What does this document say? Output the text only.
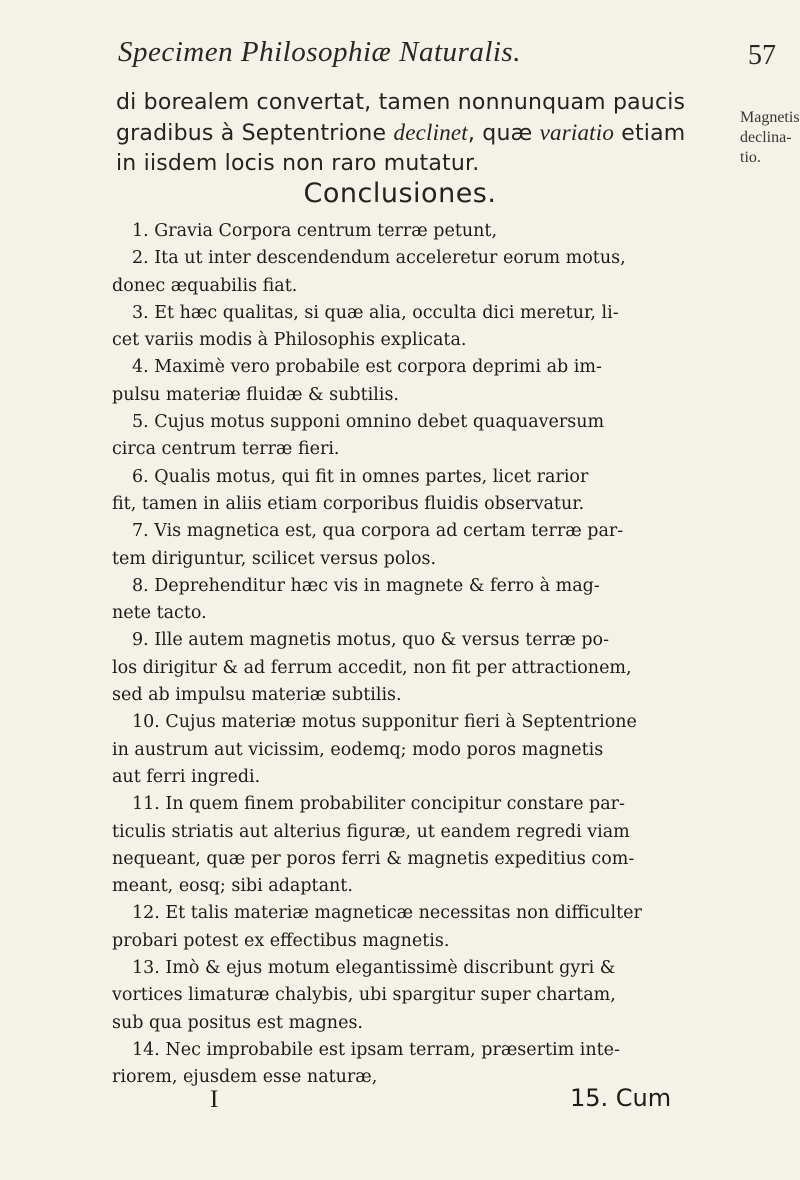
Specimen Philosophiæ Naturalis.	57
Magnetis
declina-
tio.
di borealem convertat, tamen nonnunquam paucis
gradibus à Septentrione declinet, quæ variatio etiam
in iisdem locis non raro mutatur.
Conclusiones.
1. Gravia Corpora centrum terræ petunt,
2. Ita ut inter descendendum acceleretur eorum motus,
donec æquabilis fiat.
3. Et hæc qualitas, si quæ alia, occulta dici meretur, li-
cet variis modis à Philosophis explicata.
4. Maximè vero probabile est corpora deprimi ab im-
pulsu materiæ fluidæ & subtilis.
5. Cujus motus supponi omnino debet quaquaversum
circa centrum terræ fieri.
6. Qualis motus, qui fit in omnes partes, licet rarior
fit, tamen in aliis etiam corporibus fluidis observatur.
7. Vis magnetica est, qua corpora ad certam terræ par-
tem diriguntur, scilicet versus polos.
8. Deprehenditur hæc vis in magnete & ferro à mag-
nete tacto.
9. Ille autem magnetis motus, quo & versus terræ po-
los dirigitur & ad ferrum accedit, non fit per attractionem,
sed ab impulsu materiæ subtilis.
10. Cujus materiæ motus supponitur fieri à Septentrione
in austrum aut vicissim, eodemq; modo poros magnetis
aut ferri ingredi.
11. In quem finem probabiliter concipitur constare par-
ticulis striatis aut alterius figuræ, ut eandem regredi viam
nequeant, quæ per poros ferri & magnetis expeditius com-
meant, eosq; sibi adaptant.
12. Et talis materiæ magneticæ necessitas non difficulter
probari potest ex effectibus magnetis.
13. Imò & ejus motum elegantissimè discribunt gyri &
vortices limaturæ chalybis, ubi spargitur super chartam,
sub qua positus est magnes.
14. Nec improbabile est ipsam terram, præsertim inte-
riorem, ejusdem esse naturæ,
I	15. Cum
